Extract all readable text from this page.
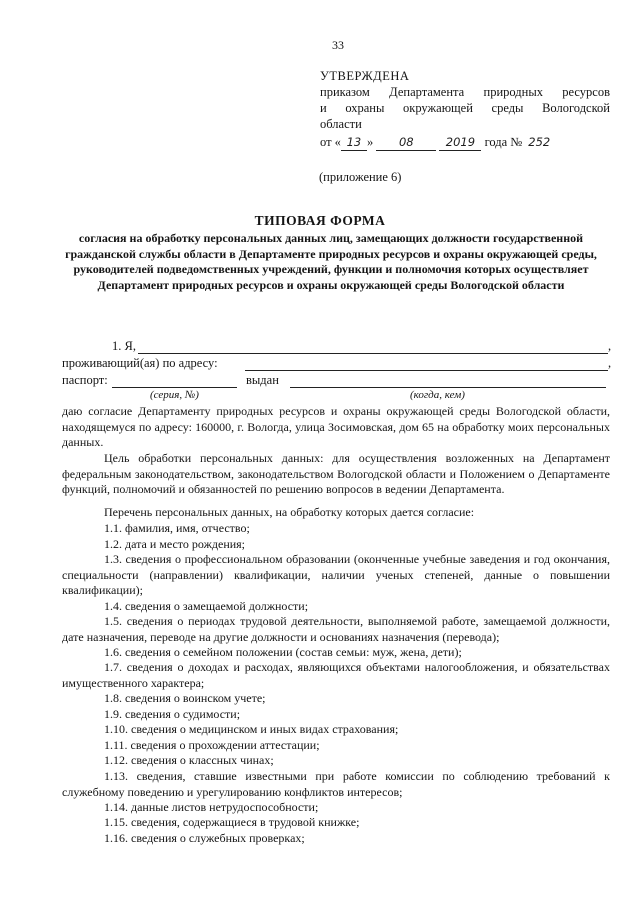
33
УТВЕРЖДЕНА
приказом Департамента природных ресурсов
и охраны окружающей среды Вологодской
области
от « 13 » 08	2019 года № 252
(приложение 6)
ТИПОВАЯ ФОРМА
согласия на обработку персональных данных лиц, замещающих должности государственной гражданской службы области в Департаменте природных ресурсов и охраны окружающей среды, руководителей подведомственных учреждений, функции и полномочия которых осуществляет Департамент природных ресурсов и охраны окружающей среды Вологодской области
1. Я,	,
проживающий(ая) по адресу:	,
паспорт:	выдан
(серия, №)	(когда, кем)
даю согласие Департаменту природных ресурсов и охраны окружающей среды Вологодской области, находящемуся по адресу: 160000, г. Вологда, улица Зосимовская, дом 65 на обработку моих персональных данных.
Цель обработки персональных данных: для осуществления возложенных на Департамент федеральным законодательством, законодательством Вологодской области и Положением о Департаменте функций, полномочий и обязанностей по решению вопросов в ведении Департамента.
Перечень персональных данных, на обработку которых дается согласие:
1.1. фамилия, имя, отчество;
1.2. дата и место рождения;
1.3. сведения о профессиональном образовании (оконченные учебные заведения и год окончания, специальности (направлении) квалификации, наличии ученых степеней, данные о повышении квалификации);
1.4. сведения о замещаемой должности;
1.5. сведения о периодах трудовой деятельности, выполняемой работе, замещаемой должности, дате назначения, переводе на другие должности и основаниях назначения (перевода);
1.6. сведения о семейном положении (состав семьи: муж, жена, дети);
1.7. сведения о доходах и расходах, являющихся объектами налогообложения, и обязательствах имущественного характера;
1.8. сведения о воинском учете;
1.9. сведения о судимости;
1.10. сведения о медицинском и иных видах страхования;
1.11. сведения о прохождении аттестации;
1.12. сведения о классных чинах;
1.13. сведения, ставшие известными при работе комиссии по соблюдению требований к служебному поведению и урегулированию конфликтов интересов;
1.14. данные листов нетрудоспособности;
1.15. сведения, содержащиеся в трудовой книжке;
1.16. сведения о служебных проверках;
